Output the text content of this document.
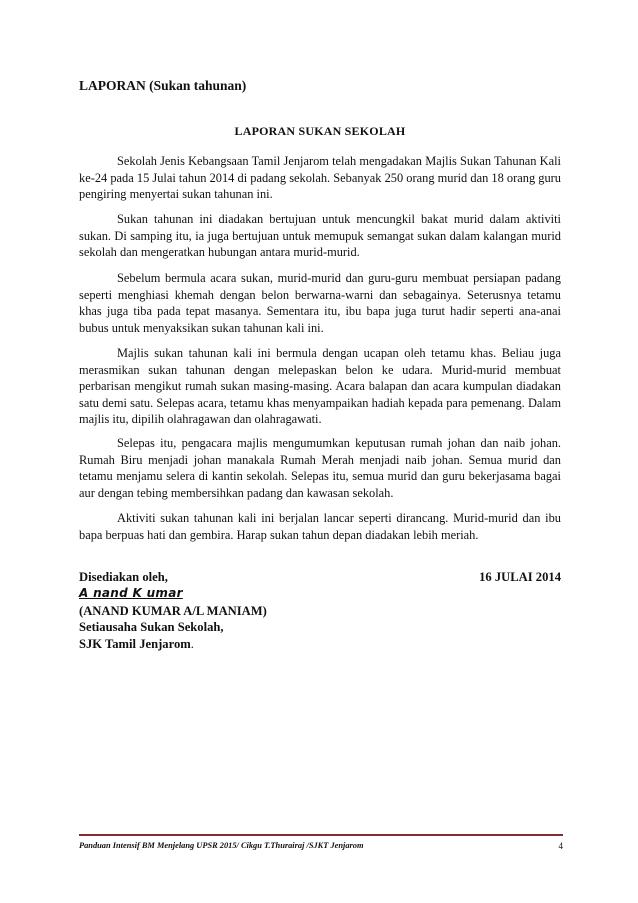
LAPORAN (Sukan tahunan)
LAPORAN SUKAN SEKOLAH

Sekolah Jenis Kebangsaan Tamil Jenjarom telah mengadakan Majlis Sukan Tahunan Kali ke-24 pada 15 Julai tahun 2014 di padang sekolah. Sebanyak 250 orang murid dan 18 orang guru pengiring menyertai sukan tahunan ini.

Sukan tahunan ini diadakan bertujuan untuk mencungkil bakat murid dalam aktiviti sukan. Di samping itu, ia juga bertujuan untuk memupuk semangat sukan dalam kalangan murid sekolah dan mengeratkan hubungan antara murid-murid.

Sebelum bermula acara sukan, murid-murid dan guru-guru membuat persiapan padang seperti menghiasi khemah dengan belon berwarna-warni dan sebagainya. Seterusnya tetamu khas juga tiba pada tepat masanya. Sementara itu, ibu bapa juga turut hadir seperti ana-anai bubus untuk menyaksikan sukan tahunan kali ini.

Majlis sukan tahunan kali ini bermula dengan ucapan oleh tetamu khas. Beliau juga merasmikan sukan tahunan dengan melepaskan belon ke udara. Murid-murid membuat perbarisan mengikut rumah sukan masing-masing. Acara balapan dan acara kumpulan diadakan satu demi satu. Selepas acara, tetamu khas menyampaikan hadiah kepada para pemenang. Dalam majlis itu, dipilih olahragawan dan olahragawati.

Selepas itu, pengacara majlis mengumumkan keputusan rumah johan dan naib johan. Rumah Biru menjadi johan manakala Rumah Merah menjadi naib johan. Semua murid dan tetamu menjamu selera di kantin sekolah. Selepas itu, semua murid dan guru bekerjasama bagai aur dengan tebing membersihkan padang dan kawasan sekolah.

Aktiviti sukan tahunan kali ini berjalan lancar seperti dirancang. Murid-murid dan ibu bapa berpuas hati dan gembira. Harap sukan tahun depan diadakan lebih meriah.

Disediakan oleh,	16 JULAI 2014
A nand K umar
(ANAND KUMAR A/L MANIAM)
Setiausaha Sukan Sekolah,
SJK Tamil Jenjarom.
Panduan Intensif BM Menjelang UPSR 2015/ Cikgu T.Thurairaj /SJKT Jenjarom	4
